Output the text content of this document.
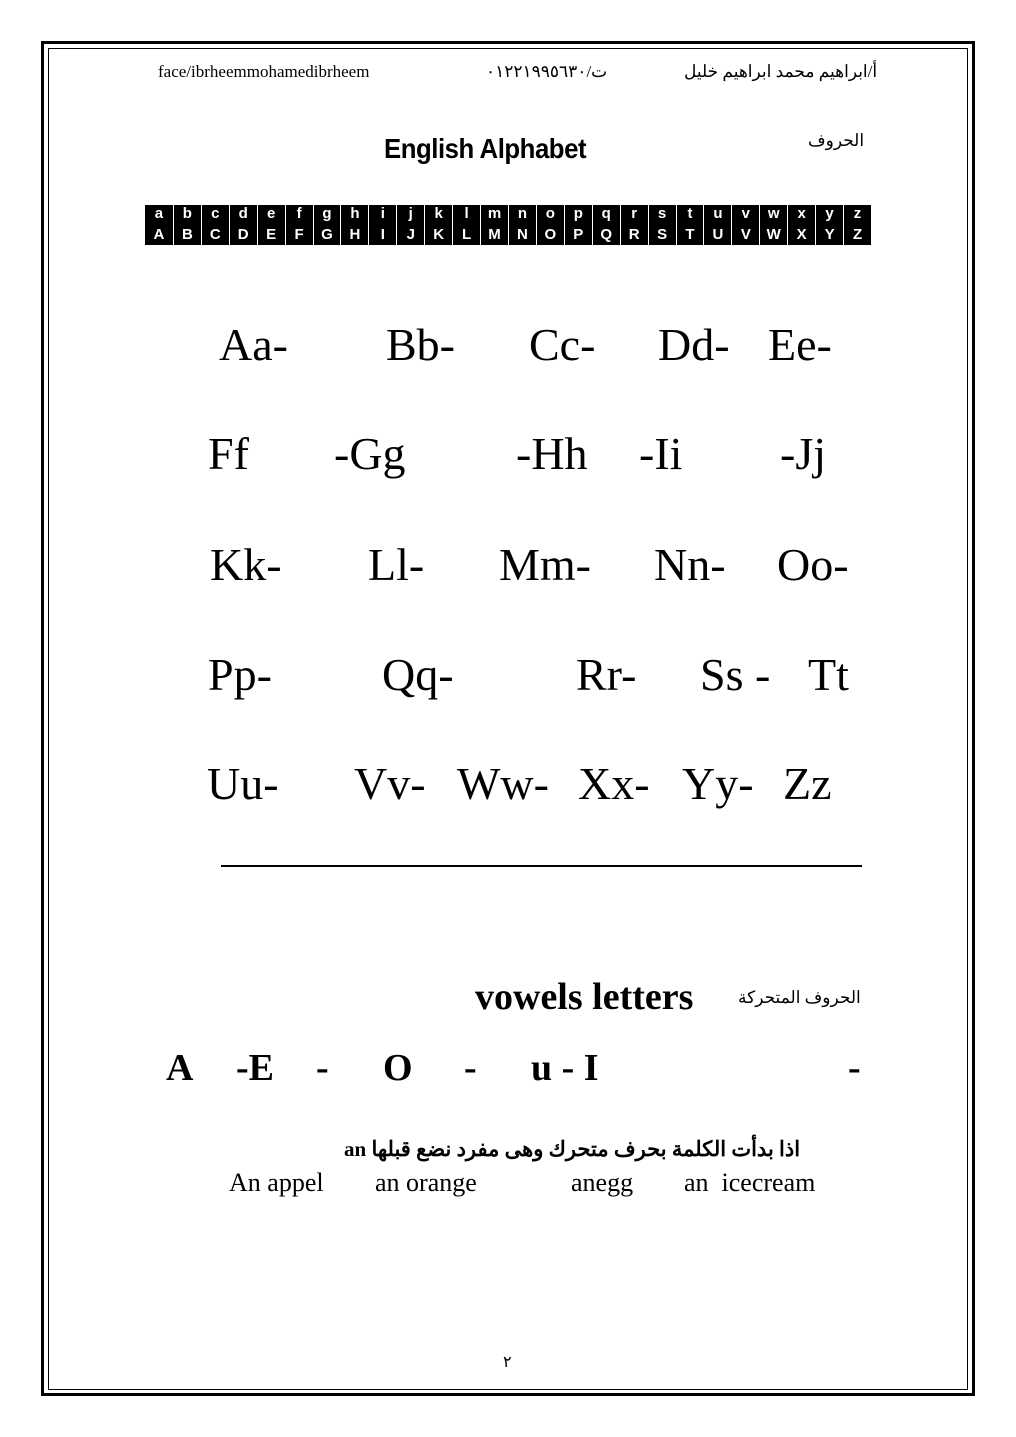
face/ibrheemmohamedibrheem	ت/٠١٢٢١٩٩٥٦٣٠	أ/ابراهيم محمد ابراهيم خليل
English Alphabet	الحروف
a	b	c	d	e	f	g	h	i	j	k	l	m	n	o	p	q	r	s	t	u	v	w	x	y	z
A	B	C	D	E	F	G	H	I	J	K	L	M	N	O	P	Q	R	S	T	U	V	W	X	Y	Z
Aa- Bb- Cc- Dd- Ee-
Ff -Gg -Hh -Ii -Jj
Kk- Ll- Mm- Nn- Oo-
Pp- Qq-	Rr- Ss - Tt
Uu- Vv- Ww- Xx- Yy- Zz
vowels letters	الحروف المتحركة
A -E - O - u - I	-
an اذا بدأت الكلمة بحرف متحرك وهى مفرد نضع قبلها
An appel an orange	anegg an  icecream
٢
